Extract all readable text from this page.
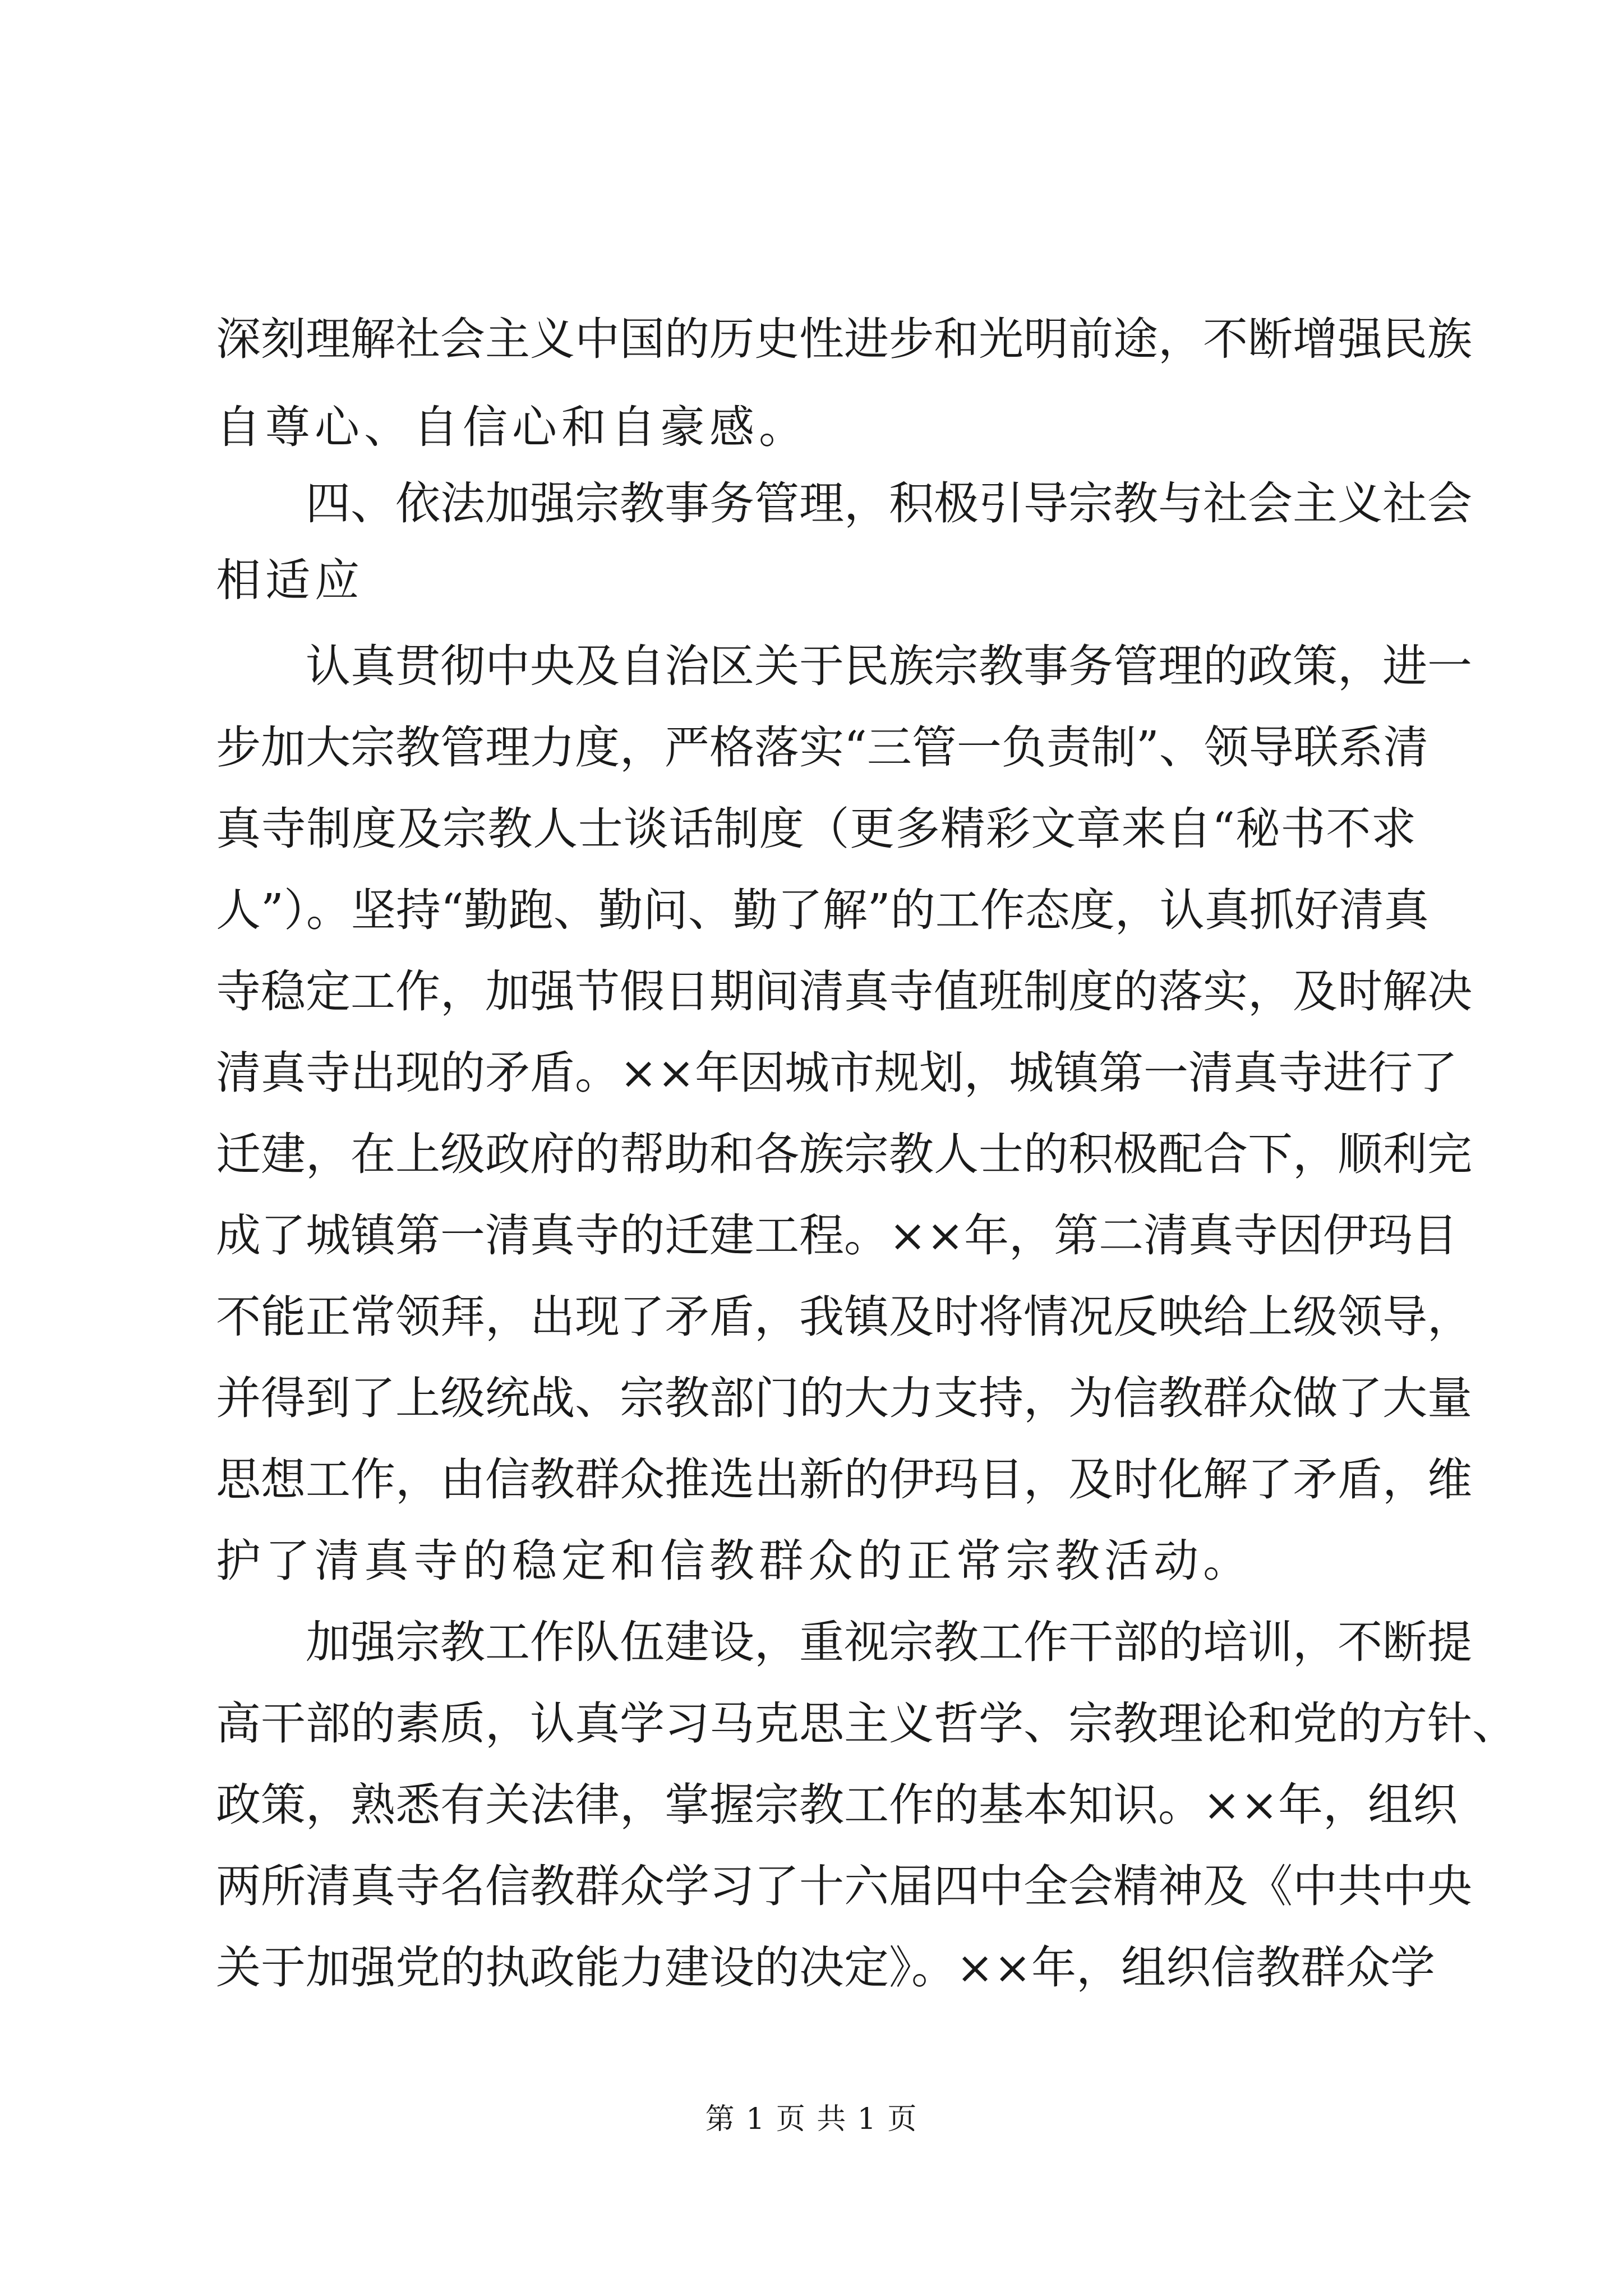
深刻理解社会主义中国的历史性进步和光明前途，不断增强民族
自尊心、自信心和自豪感。
四、依法加强宗教事务管理，积极引导宗教与社会主义社会
相适应
认真贯彻中央及自治区关于民族宗教事务管理的政策，进一
步加大宗教管理力度，严格落实“三管一负责制”、领导联系清
真寺制度及宗教人士谈话制度（更多精彩文章来自“秘书不求
人”）。坚持“勤跑、勤问、勤了解”的工作态度，认真抓好清真
寺稳定工作，加强节假日期间清真寺值班制度的落实，及时解决
清真寺出现的矛盾。××年因城市规划，城镇第一清真寺进行了
迁建，在上级政府的帮助和各族宗教人士的积极配合下，顺利完
成了城镇第一清真寺的迁建工程。××年，第二清真寺因伊玛目
不能正常领拜，出现了矛盾，我镇及时将情况反映给上级领导，
并得到了上级统战、宗教部门的大力支持，为信教群众做了大量
思想工作，由信教群众推选出新的伊玛目，及时化解了矛盾，维
护了清真寺的稳定和信教群众的正常宗教活动。
加强宗教工作队伍建设，重视宗教工作干部的培训，不断提
高干部的素质，认真学习马克思主义哲学、宗教理论和党的方针、
政策，熟悉有关法律，掌握宗教工作的基本知识。××年，组织
两所清真寺名信教群众学习了十六届四中全会精神及《中共中央
关于加强党的执政能力建设的决定》。××年，组织信教群众学
第 1 页 共 1 页
